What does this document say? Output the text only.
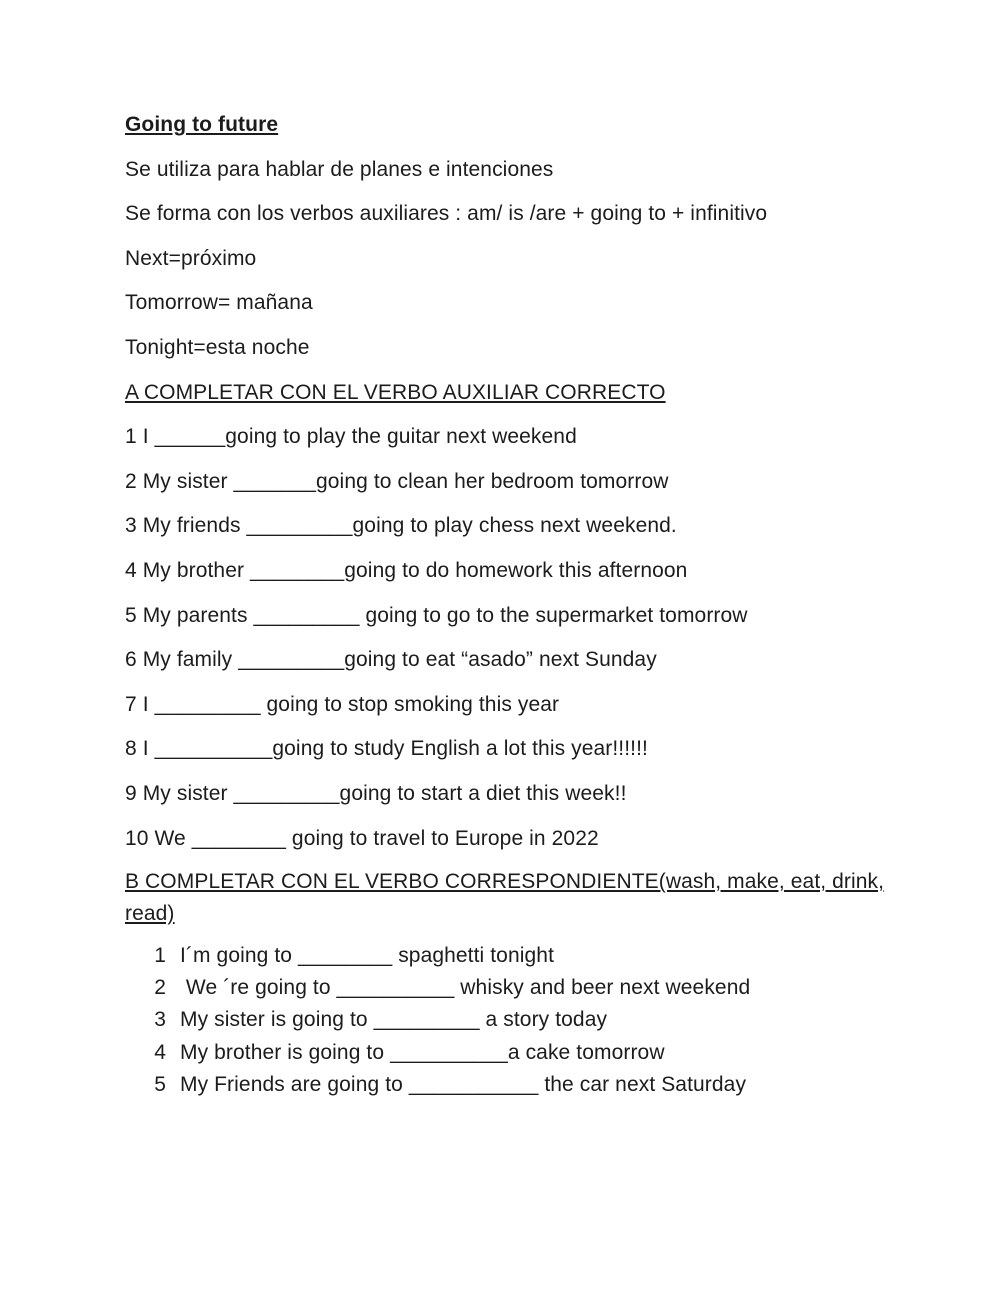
Going to future
Se utiliza para hablar de planes e intenciones
Se forma con los verbos auxiliares : am/ is /are + going to + infinitivo
Next=próximo
Tomorrow= mañana
Tonight=esta noche
A COMPLETAR CON EL VERBO AUXILIAR CORRECTO
1 I ______going to play the guitar next weekend
2 My sister _______going to clean her bedroom tomorrow
3 My friends _________going to play chess next weekend.
4 My brother ________going to do homework this afternoon
5 My parents _________ going to go to the supermarket tomorrow
6 My family _________going to eat “asado” next Sunday
7 I _________ going to stop smoking this year
8 I __________going to study English a lot this year!!!!!!
9 My sister _________going to start a diet this week!!
10 We ________ going to travel to Europe in 2022
B COMPLETAR CON EL VERBO CORRESPONDIENTE(wash, make, eat, drink, read)
1 I´m going to ________ spaghetti tonight
2 We ´re going to __________ whisky and beer next weekend
3 My sister is going to _________ a story today
4 My brother is going to __________a cake tomorrow
5 My Friends are going to ___________ the car next Saturday
